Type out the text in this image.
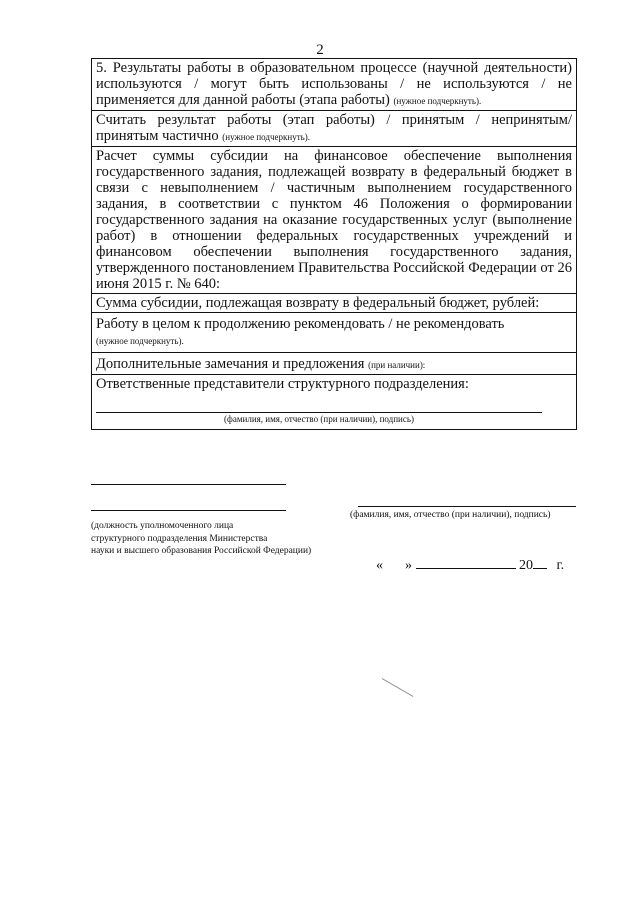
2
5. Результаты работы в образовательном процессе (научной деятельности) используются / могут быть использованы / не используются / не применяется для данной работы (этапа работы) (нужное подчеркнуть).
Считать результат работы (этап работы) / принятым / непринятым/ принятым частично (нужное подчеркнуть).
Расчет суммы субсидии на финансовое обеспечение выполнения государственного задания, подлежащей возврату в федеральный бюджет в связи с невыполнением / частичным выполнением государственного задания, в соответствии с пунктом 46 Положения о формировании государственного задания на оказание государственных услуг (выполнение работ) в отношении федеральных государственных учреждений и финансовом обеспечении выполнения государственного задания, утвержденного постановлением Правительства Российской Федерации от 26 июня 2015 г. № 640:
Сумма субсидии, подлежащая возврату в федеральный бюджет, рублей:
Работу в целом к продолжению рекомендовать / не рекомендовать
(нужное подчеркнуть).
Дополнительные замечания и предложения (при наличии):
Ответственные представители структурного подразделения:
(фамилия, имя, отчество (при наличии), подпись)
(фамилия, имя, отчество (при наличии), подпись)
(должность уполномоченного лица
структурного подразделения Министерства
науки и высшего образования Российской Федерации)
« »	20 г.
